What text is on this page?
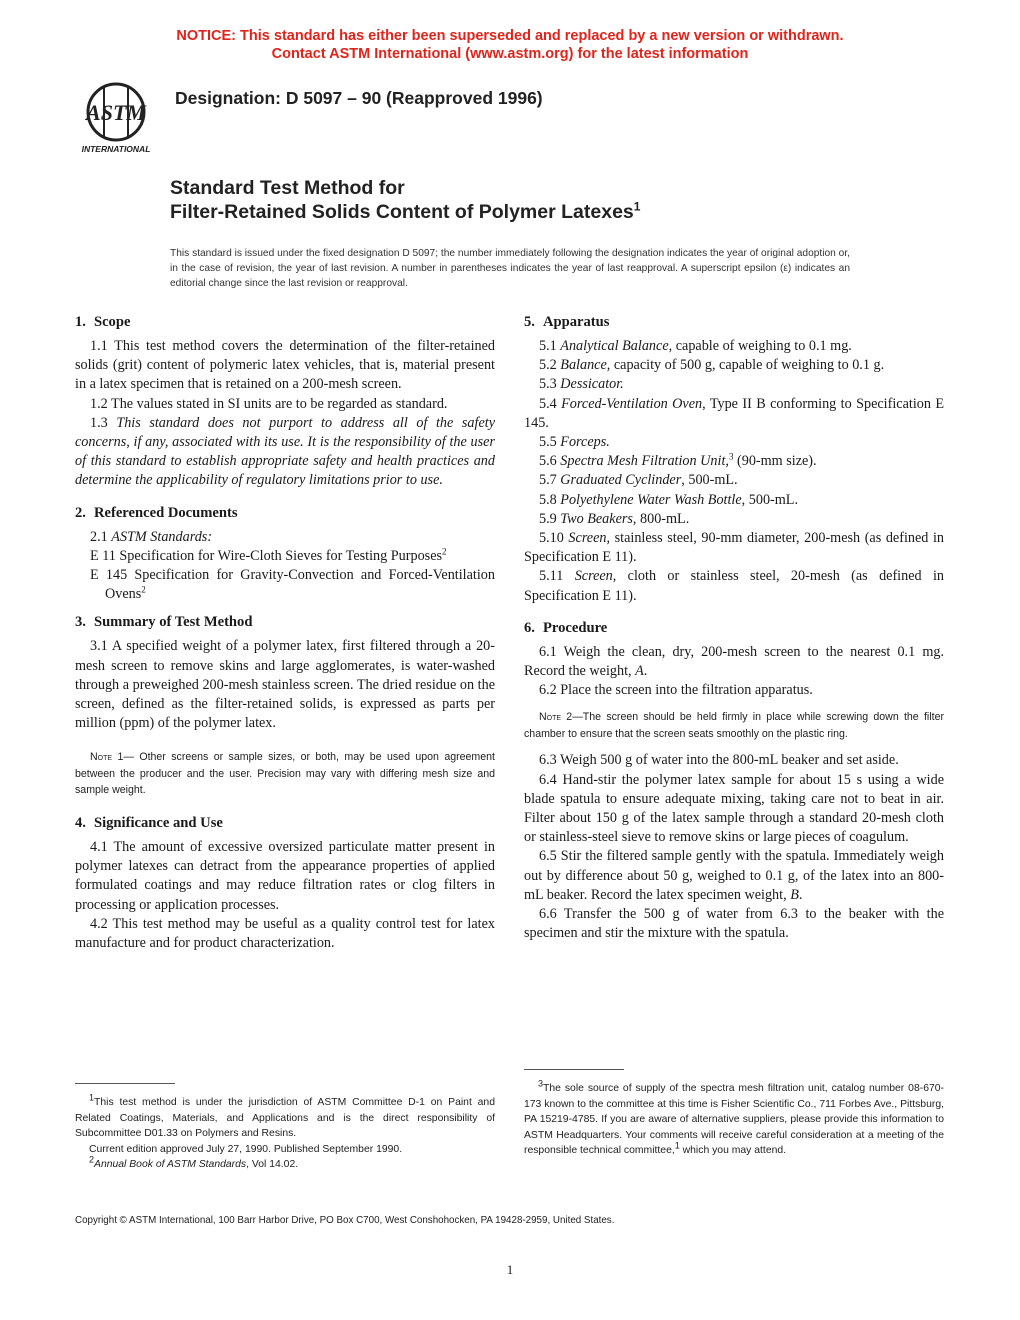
NOTICE: This standard has either been superseded and replaced by a new version or withdrawn.
Contact ASTM International (www.astm.org) for the latest information
ASTM
INTERNATIONAL
Designation: D 5097 – 90 (Reapproved 1996)
Standard Test Method for
Filter-Retained Solids Content of Polymer Latexes$^1$
This standard is issued under the fixed designation D 5097; the number immediately following the designation indicates the year of original adoption or, in the case of revision, the year of last revision. A number in parentheses indicates the year of last reapproval. A superscript epsilon (ε) indicates an editorial change since the last revision or reapproval.
1. Scope

1.1 This test method covers the determination of the filter-retained solids (grit) content of polymeric latex vehicles, that is, material present in a latex specimen that is retained on a 200-mesh screen.

1.2 The values stated in SI units are to be regarded as standard.

1.3 This standard does not purport to address all of the safety concerns, if any, associated with its use. It is the responsibility of the user of this standard to establish appropriate safety and health practices and determine the applicability of regulatory limitations prior to use.

2. Referenced Documents

2.1 ASTM Standards:

E 11 Specification for Wire-Cloth Sieves for Testing Purposes$^2$

E 145 Specification for Gravity-Convection and Forced-Ventilation Ovens$^2$

3. Summary of Test Method

3.1 A specified weight of a polymer latex, first filtered through a 20-mesh screen to remove skins and large agglomerates, is water-washed through a preweighed 200-mesh stainless screen. The dried residue on the screen, defined as the filter-retained solids, is expressed as parts per million (ppm) of the polymer latex.

Note 1— Other screens or sample sizes, or both, may be used upon agreement between the producer and the user. Precision may vary with differing mesh size and sample weight.

4. Significance and Use

4.1 The amount of excessive oversized particulate matter present in polymer latexes can detract from the appearance properties of applied formulated coatings and may reduce filtration rates or clog filters in processing or application processes.

4.2 This test method may be useful as a quality control test for latex manufacture and for product characterization.

5. Apparatus

5.1 Analytical Balance, capable of weighing to 0.1 mg.

5.2 Balance, capacity of 500 g, capable of weighing to 0.1 g.

5.3 Dessicator.

5.4 Forced-Ventilation Oven, Type II B conforming to Specification E 145.

5.5 Forceps.

5.6 Spectra Mesh Filtration Unit,$^3$ (90-mm size).

5.7 Graduated Cyclinder, 500-mL.

5.8 Polyethylene Water Wash Bottle, 500-mL.

5.9 Two Beakers, 800-mL.

5.10 Screen, stainless steel, 90-mm diameter, 200-mesh (as defined in Specification E 11).

5.11 Screen, cloth or stainless steel, 20-mesh (as defined in Specification E 11).

6. Procedure

6.1 Weigh the clean, dry, 200-mesh screen to the nearest 0.1 mg. Record the weight, A.

6.2 Place the screen into the filtration apparatus.

Note 2—The screen should be held firmly in place while screwing down the filter chamber to ensure that the screen seats smoothly on the plastic ring.

6.3 Weigh 500 g of water into the 800-mL beaker and set aside.

6.4 Hand-stir the polymer latex sample for about 15 s using a wide blade spatula to ensure adequate mixing, taking care not to beat in air. Filter about 150 g of the latex sample through a standard 20-mesh cloth or stainless-steel sieve to remove skins or large pieces of coagulum.

6.5 Stir the filtered sample gently with the spatula. Immediately weigh out by difference about 50 g, weighed to 0.1 g, of the latex into an 800-mL beaker. Record the latex specimen weight, B.

6.6 Transfer the 500 g of water from 6.3 to the beaker with the specimen and stir the mixture with the spatula.

$^1$This test method is under the jurisdiction of ASTM Committee D-1 on Paint and Related Coatings, Materials, and Applications and is the direct responsibility of Subcommittee D01.33 on Polymers and Resins.

Current edition approved July 27, 1990. Published September 1990.

$^2$Annual Book of ASTM Standards, Vol 14.02.

$^3$The sole source of supply of the spectra mesh filtration unit, catalog number 08-670-173 known to the committee at this time is Fisher Scientific Co., 711 Forbes Ave., Pittsburg, PA 15219-4785. If you are aware of alternative suppliers, please provide this information to ASTM Headquarters. Your comments will receive careful consideration at a meeting of the responsible technical committee,$^1$ which you may attend.

Copyright © ASTM International, 100 Barr Harbor Drive, PO Box C700, West Conshohocken, PA 19428-2959, United States.
1
